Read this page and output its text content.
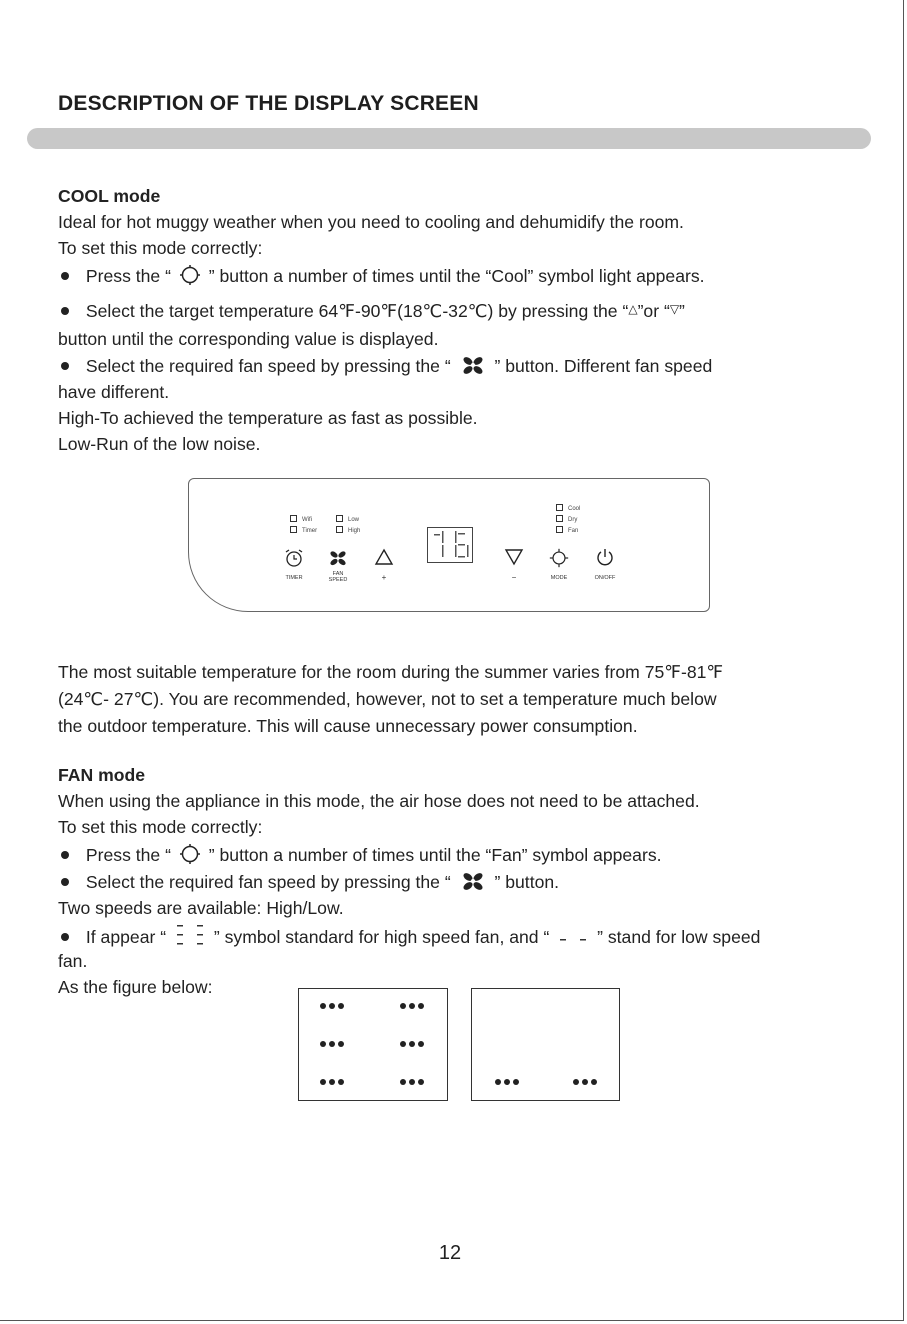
DESCRIPTION OF THE DISPLAY SCREEN
COOL mode
Ideal for hot muggy weather when you need to cooling and dehumidify the room.
To set this mode correctly:
Press the “ ” button a number of times until the “Cool” symbol light appears.
Select the target temperature 64℉-90℉(18℃-32℃) by pressing the “△”or “▽”
button until the corresponding value is displayed.
Select the required fan speed by pressing the “ ” button. Different fan speed
have different.
High-To achieved the temperature as fast as possible.
Low-Run of the low noise.
Wifi
Timer
Low
High
Cool
Dry
Fan
TIMER
FAN
SPEED	+	−	MODE	ON/OFF
The most suitable temperature for the room during the summer varies from 75℉-81℉
(24℃- 27℃). You are recommended, however, not to set a temperature much below
the outdoor temperature. This will cause unnecessary power consumption.
FAN mode
When using the appliance in this mode, the air hose does not need to be attached.
To set this mode correctly:
Press the “ ” button a number of times until the “Fan” symbol appears.
Select the required fan speed by pressing the “ ” button.
Two speeds are available: High/Low.
If appear “	” symbol standard for high speed fan, and “	” stand for low speed
fan.
As the figure below:
12
